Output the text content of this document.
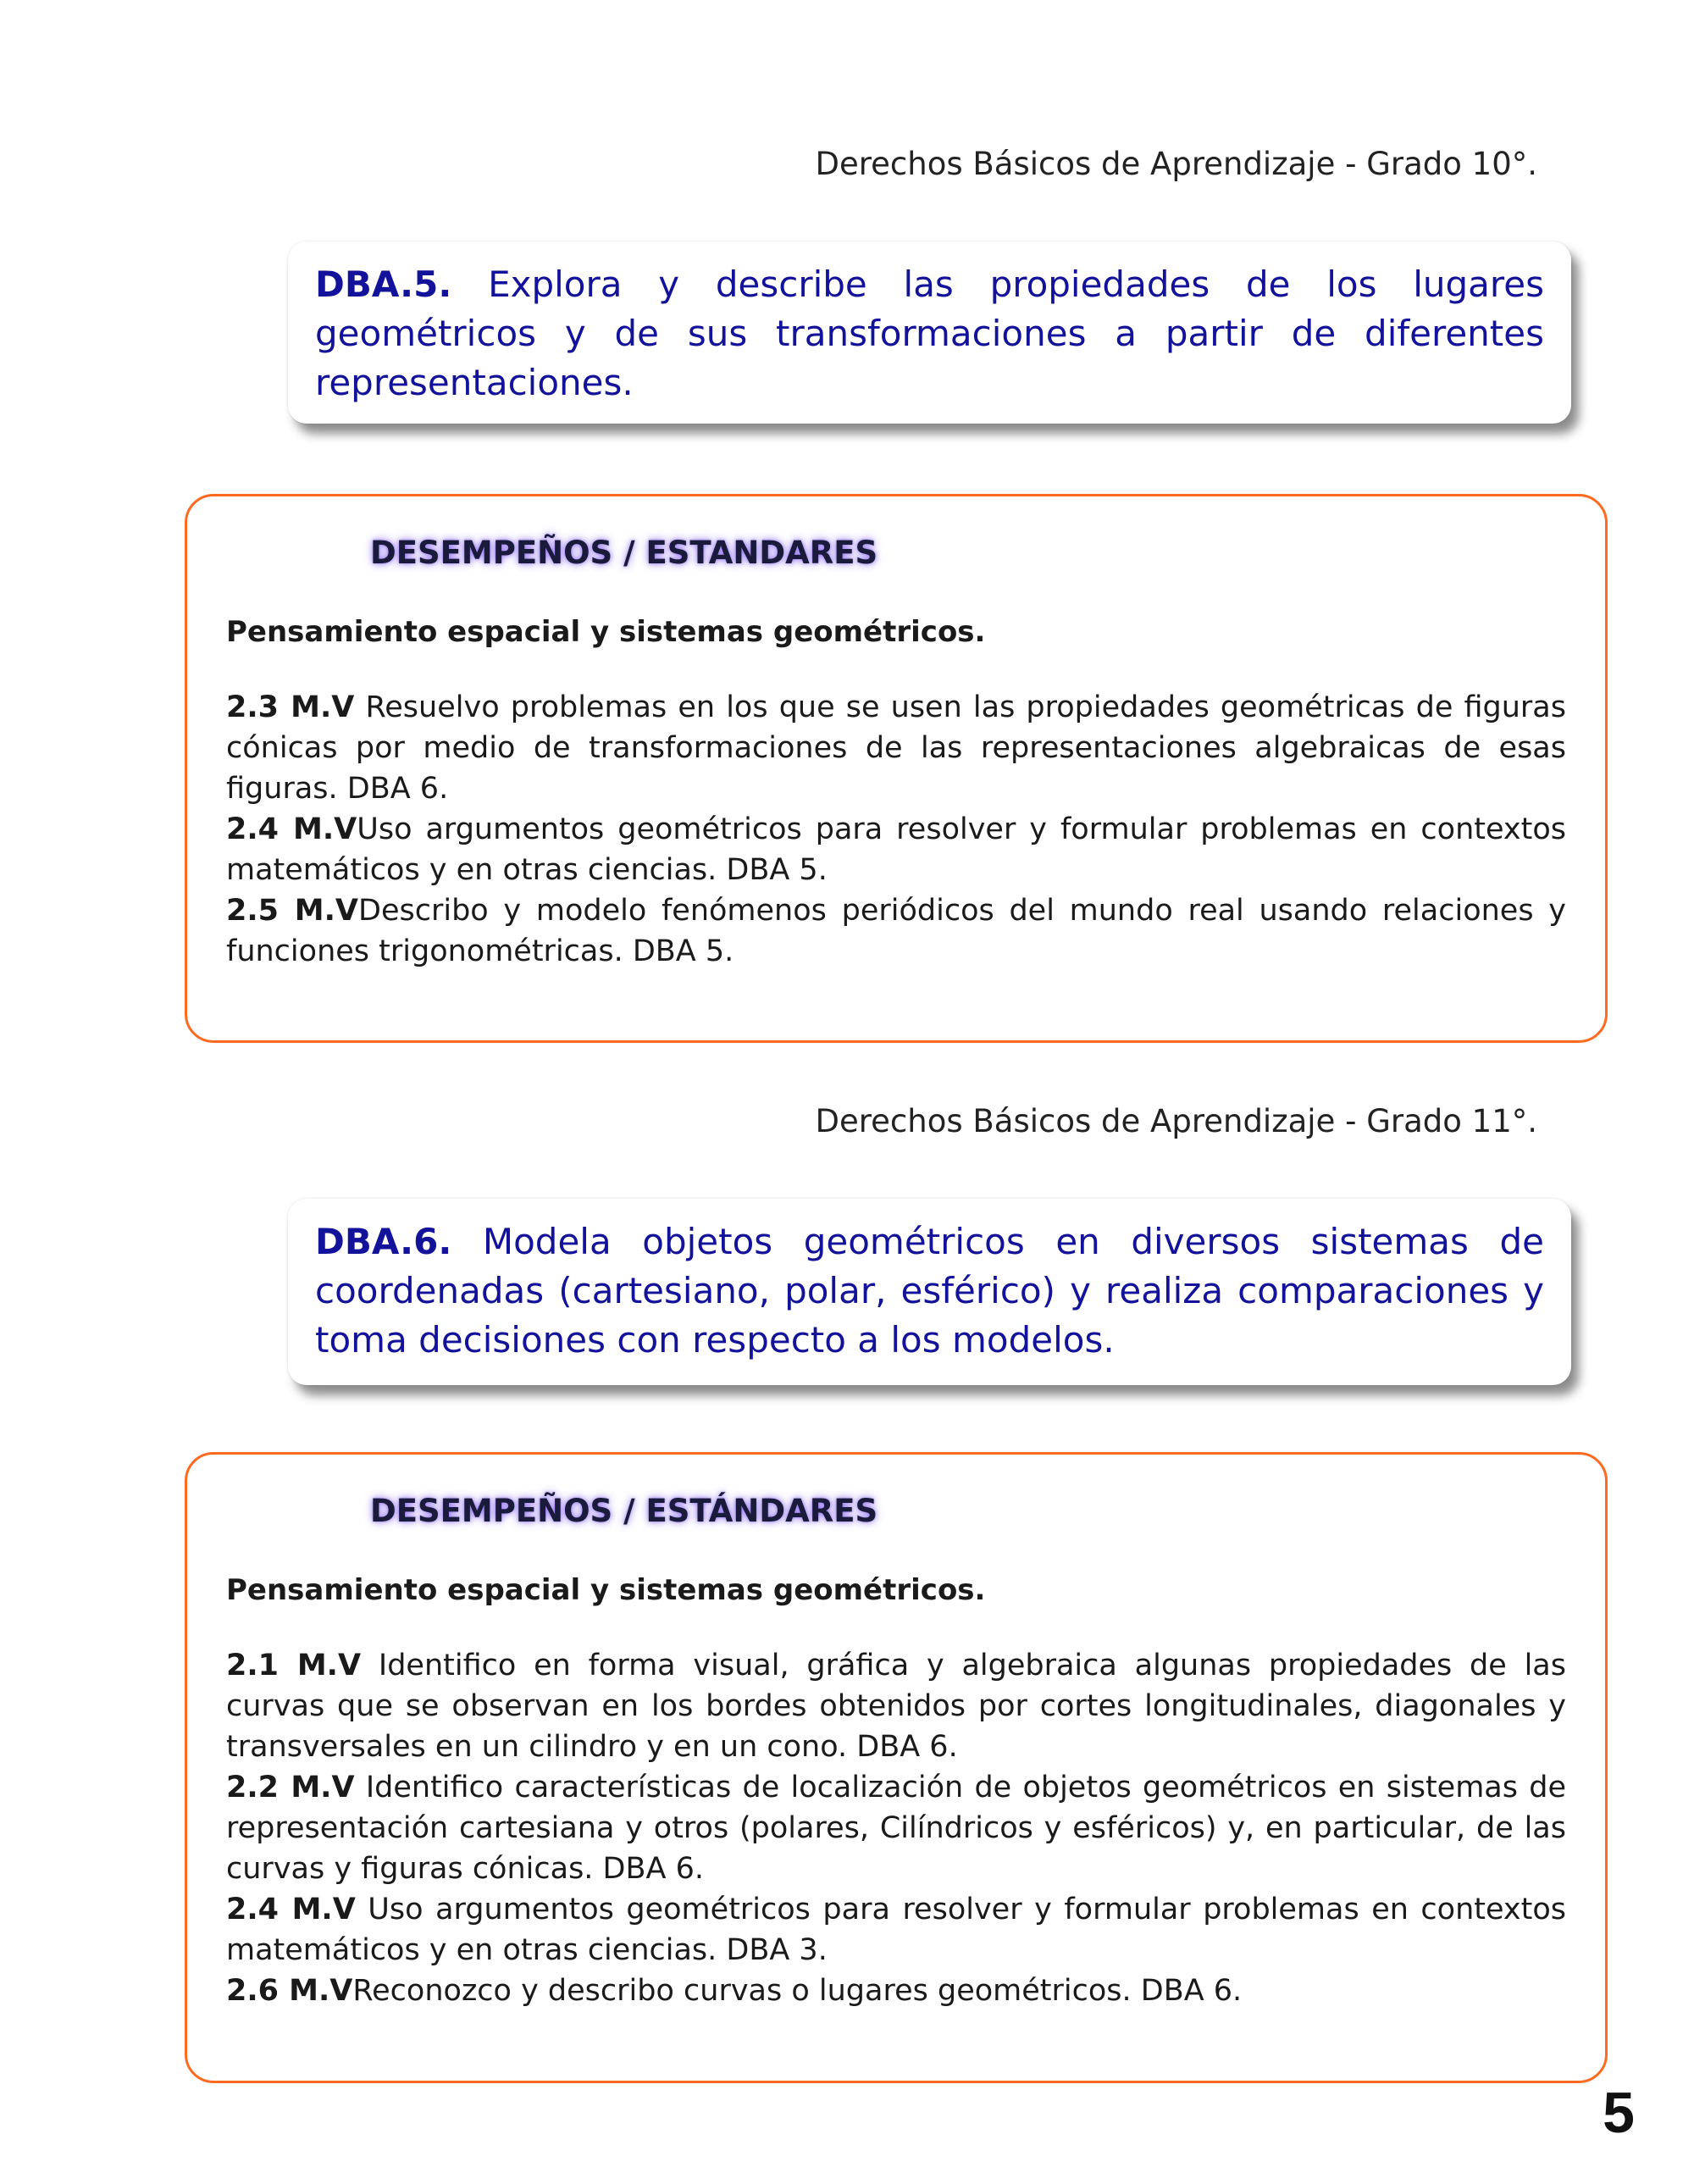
Derechos Básicos de Aprendizaje - Grado 10°.

DBA.5. Explora y describe las propiedades de los lugares geométricos y de sus transformaciones a partir de diferentes representaciones.

DESEMPEÑOS / ESTANDARES
Pensamiento espacial y sistemas geométricos.
2.3 M.V Resuelvo problemas en los que se usen las propiedades geométricas de figuras cónicas por medio de transformaciones de las representaciones algebraicas de esas figuras. DBA 6.
2.4 M.VUso argumentos geométricos para resolver y formular problemas en contextos matemáticos y en otras ciencias. DBA 5.
2.5 M.VDescribo y modelo fenómenos periódicos del mundo real usando relaciones y funciones trigonométricas. DBA 5.
Derechos Básicos de Aprendizaje - Grado 11°.

DBA.6. Modela objetos geométricos en diversos sistemas de coordenadas (cartesiano, polar, esférico) y realiza comparaciones y toma decisiones con respecto a los modelos.

DESEMPEÑOS / ESTÁNDARES
Pensamiento espacial y sistemas geométricos.
2.1 M.V Identifico en forma visual, gráfica y algebraica algunas propiedades de las curvas que se observan en los bordes obtenidos por cortes longitudinales, diagonales y transversales en un cilindro y en un cono. DBA 6.
2.2 M.V Identifico características de localización de objetos geométricos en sistemas de representación cartesiana y otros (polares, Cilíndricos y esféricos) y, en particular, de las curvas y figuras cónicas. DBA 6.
2.4 M.V Uso argumentos geométricos para resolver y formular problemas en contextos matemáticos y en otras ciencias. DBA 3.
2.6 M.VReconozco y describo curvas o lugares geométricos. DBA 6.
5
